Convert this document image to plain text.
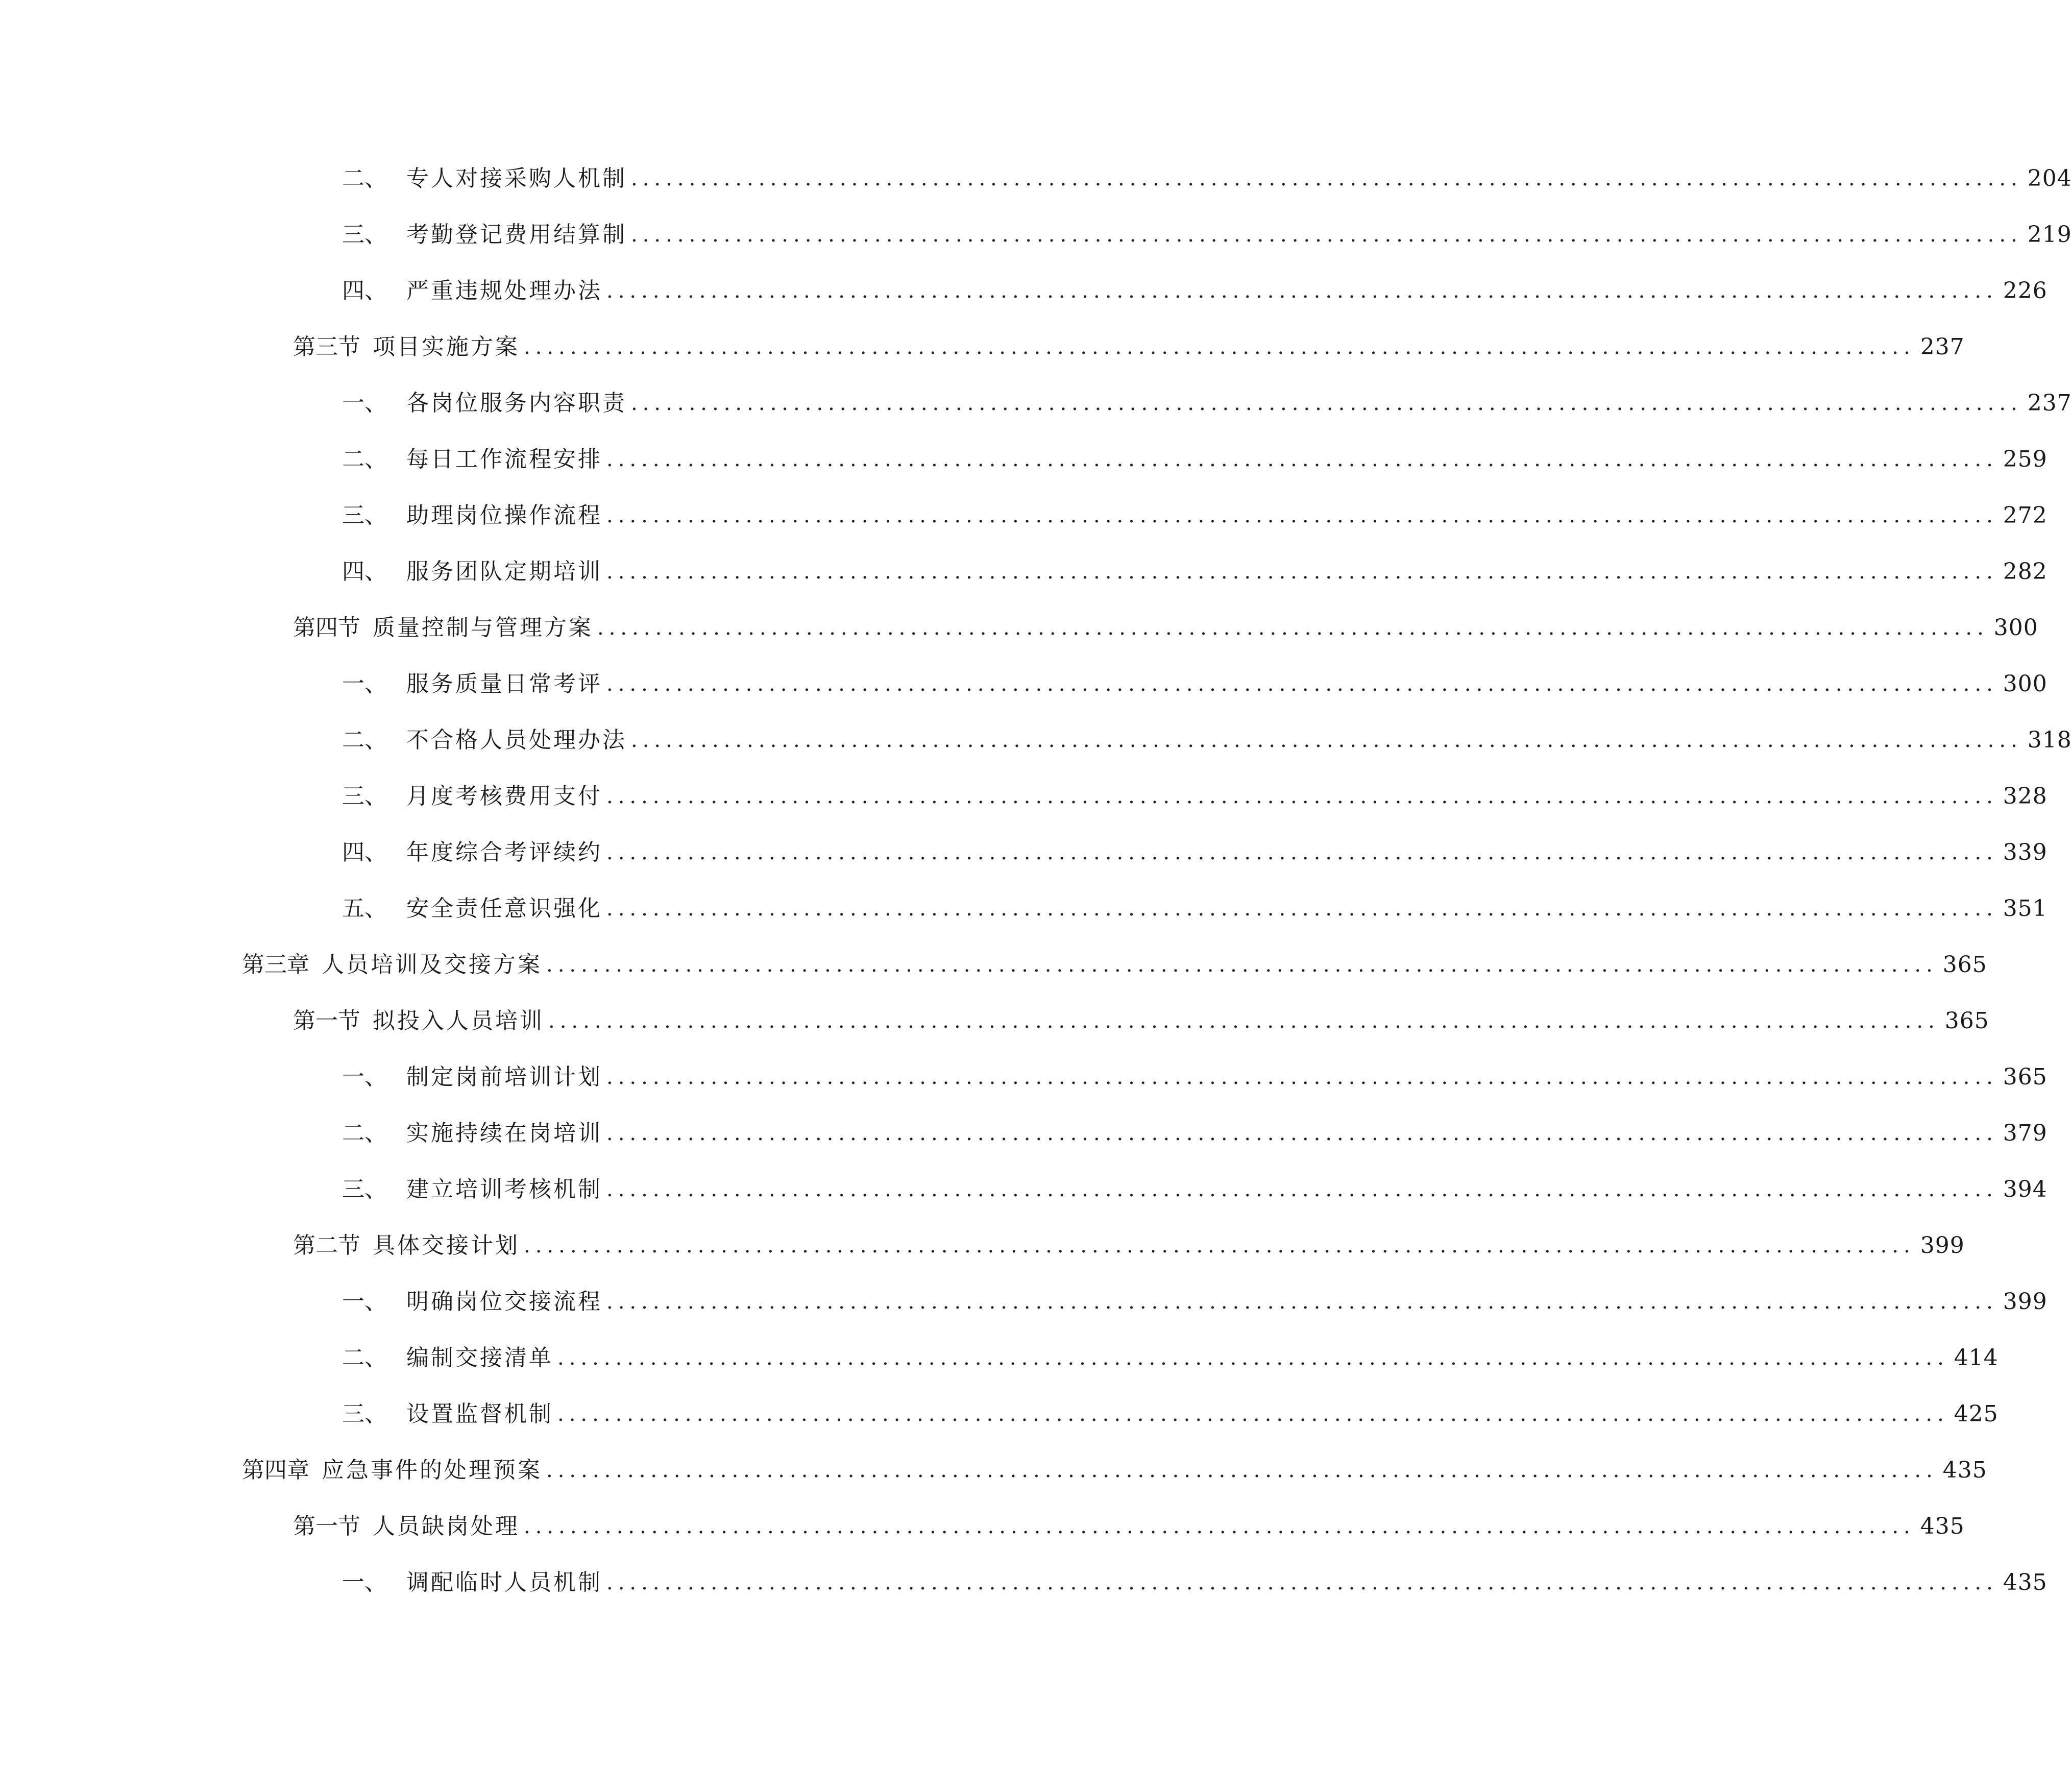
二、 专人对接采购人机制 ........................................................................................................................ 204
三、 考勤登记费用结算制 ........................................................................................................................ 219
四、 严重违规处理办法 ........................................................................................................................ 226
第三节 项目实施方案 ........................................................................................................................ 237
一、 各岗位服务内容职责 ........................................................................................................................ 237
二、 每日工作流程安排 ........................................................................................................................ 259
三、 助理岗位操作流程 ........................................................................................................................ 272
四、 服务团队定期培训 ........................................................................................................................ 282
第四节 质量控制与管理方案 ........................................................................................................................ 300
一、 服务质量日常考评 ........................................................................................................................ 300
二、 不合格人员处理办法 ........................................................................................................................ 318
三、 月度考核费用支付 ........................................................................................................................ 328
四、 年度综合考评续约 ........................................................................................................................ 339
五、 安全责任意识强化 ........................................................................................................................ 351
第三章 人员培训及交接方案 ........................................................................................................................ 365
第一节 拟投入人员培训 ........................................................................................................................ 365
一、 制定岗前培训计划 ........................................................................................................................ 365
二、 实施持续在岗培训 ........................................................................................................................ 379
三、 建立培训考核机制 ........................................................................................................................ 394
第二节 具体交接计划 ........................................................................................................................ 399
一、 明确岗位交接流程 ........................................................................................................................ 399
二、 编制交接清单 ........................................................................................................................ 414
三、 设置监督机制 ........................................................................................................................ 425
第四章 应急事件的处理预案 ........................................................................................................................ 435
第一节 人员缺岗处理 ........................................................................................................................ 435
一、 调配临时人员机制 ........................................................................................................................ 435
